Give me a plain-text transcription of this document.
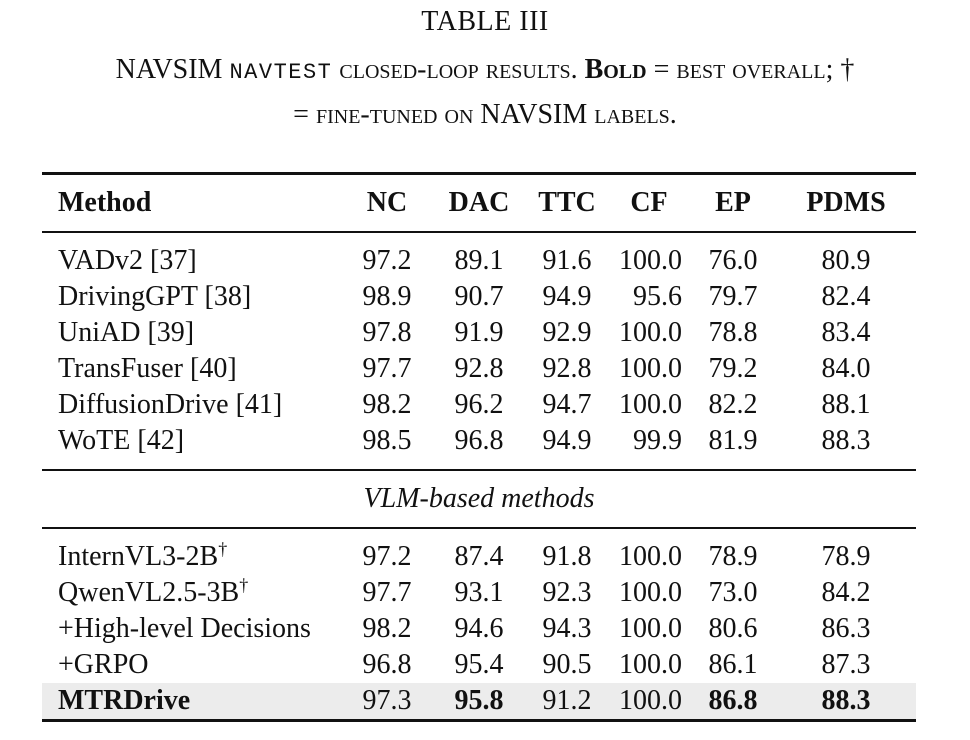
TABLE III
NAVSIM NAVTEST closed-loop results. Bold = best overall; †
= fine-tuned on NAVSIM labels.
Method	NC	DAC	TTC	CF	EP	PDMS

VADv2 [37]	97.2	89.1	91.6	100.0	76.0	80.9
DrivingGPT [38]	98.9	90.7	94.9	95.6	79.7	82.4
UniAD [39]	97.8	91.9	92.9	100.0	78.8	83.4
TransFuser [40]	97.7	92.8	92.8	100.0	79.2	84.0
DiffusionDrive [41]	98.2	96.2	94.7	100.0	82.2	88.1
WoTE [42]	98.5	96.8	94.9	99.9	81.9	88.3

VLM-based methods						

InternVL3-2B†	97.2	87.4	91.8	100.0	78.9	78.9
QwenVL2.5-3B†	97.7	93.1	92.3	100.0	73.0	84.2
+High-level Decisions	98.2	94.6	94.3	100.0	80.6	86.3
+GRPO	96.8	95.4	90.5	100.0	86.1	87.3
MTRDrive	97.3	95.8	91.2	100.0	86.8	88.3
